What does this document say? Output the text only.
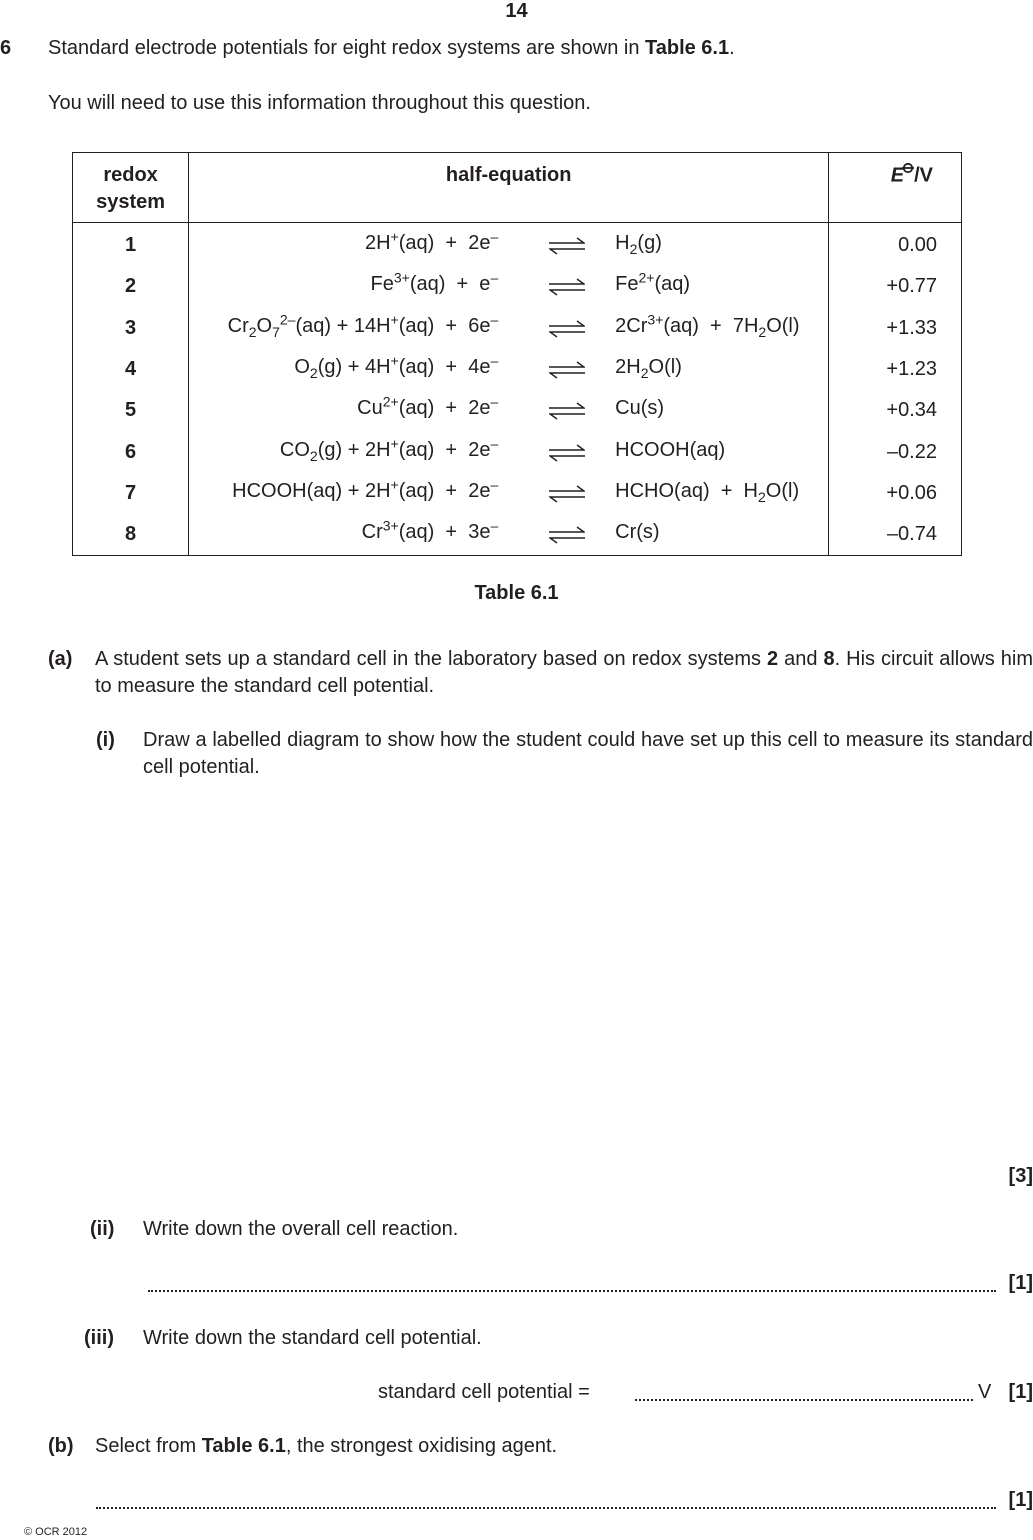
14
6 Standard electrode potentials for eight redox systems are shown in Table 6.1.
You will need to use this information throughout this question.
redox
system	half-equation	E /V
1	2H+(aq)  +  2e– ⇌ $H_2(g)$	0.00
2	$Fe^{3+}(aq) + e^-$ ⇌ $Fe^{2+}(aq)$	+0.77
3	$Cr_2O_7^{2-}(aq) + 14H^+(aq) + 6e^-$ ⇌ $2Cr^{3+}(aq) + 7H_2O(l)$	+1.33
4	$O_2(g) + 4H^+(aq) + 4e^-$ ⇌ $2H_2O(l)$	+1.23
5	$Cu^{2+}(aq) + 2e^-$ ⇌ Cu(s)	+0.34
6	$CO_2(g) + 2H^+(aq) + 2e^-$ ⇌ HCOOH(aq)	–0.22
7	HCOOH(aq) + 2H+(aq)  +  2e– ⇌ HCHO(aq)  +  $H_2O(l)$	+0.06
8	$Cr^{3+}(aq) + 3e^-$ ⇌ Cr(s)	–0.74
Table 6.1
(a) A student sets up a standard cell in the laboratory based on redox systems 2 and 8. His circuit allows him to measure the standard cell potential.
(i) Draw a labelled diagram to show how the student could have set up this cell to measure its standard cell potential.
[3]
(ii) Write down the overall cell reaction.
[1]
(iii) Write down the standard cell potential.
standard cell potential =	V [1]
(b) Select from Table 6.1, the strongest oxidising agent.
[1]
© OCR 2012
